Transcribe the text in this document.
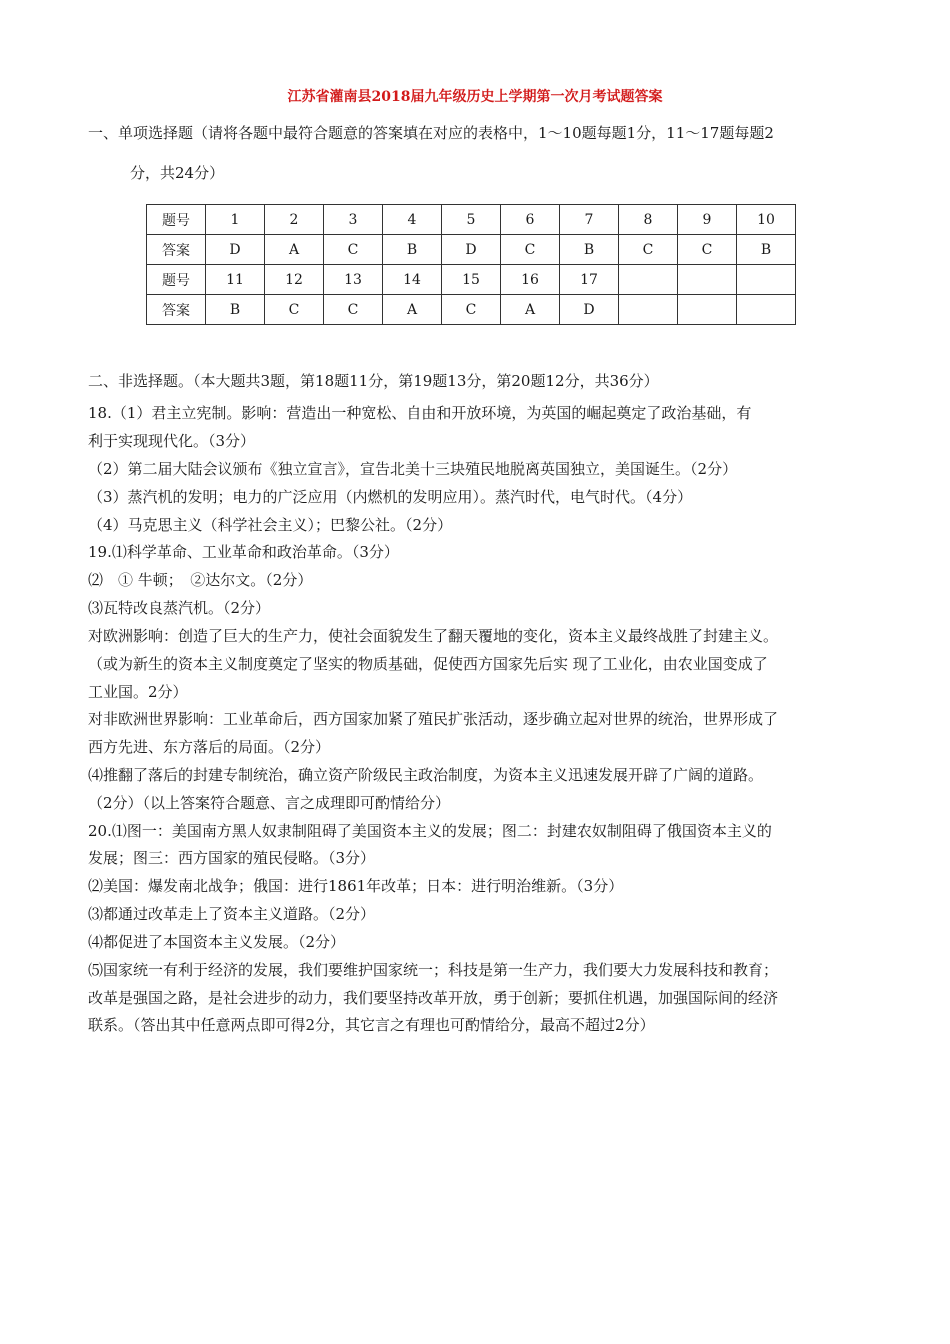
江苏省灌南县2018届九年级历史上学期第一次月考试题答案
一、单项选择题（请将各题中最符合题意的答案填在对应的表格中，1～10题每题1分，11～17题每题2
分，共24分）
题号	1	2	3	4	5	6	7	8	9	10
答案	D	A	C	B	D	C	B	C	C	B
题号	11	12	13	14	15	16	17			
答案	B	C	C	A	C	A	D			
二、非选择题。（本大题共3题，第18题11分，第19题13分，第20题12分，共36分）
18.（1）君主立宪制。影响：营造出一种宽松、自由和开放环境，为英国的崛起奠定了政治基础，有
利于实现现代化。（3分）
（2）第二届大陆会议颁布《独立宣言》，宣告北美十三块殖民地脱离英国独立，美国诞生。（2分）
（3）蒸汽机的发明；电力的广泛应用（内燃机的发明应用）。蒸汽时代，电气时代。（4分）
（4）马克思主义（科学社会主义）；巴黎公社。（2分）
19.⑴科学革命、工业革命和政治革命。（3分）
⑵　① 牛顿；　②达尔文。（2分）
⑶瓦特改良蒸汽机。（2分）
对欧洲影响：创造了巨大的生产力，使社会面貌发生了翻天覆地的变化，资本主义最终战胜了封建主义。
（或为新生的资本主义制度奠定了坚实的物质基础，促使西方国家先后实 现了工业化，由农业国变成了
工业国。2分）
对非欧洲世界影响：工业革命后，西方国家加紧了殖民扩张活动，逐步确立起对世界的统治，世界形成了
西方先进、东方落后的局面。（2分）
⑷推翻了落后的封建专制统治，确立资产阶级民主政治制度，为资本主义迅速发展开辟了广阔的道路。
（2分）（以上答案符合题意、言之成理即可酌情给分）
20.⑴图一：美国南方黑人奴隶制阻碍了美国资本主义的发展；图二：封建农奴制阻碍了俄国资本主义的
发展；图三：西方国家的殖民侵略。（3分）
⑵美国：爆发南北战争；俄国：进行1861年改革；日本：进行明治维新。（3分）
⑶都通过改革走上了资本主义道路。（2分）
⑷都促进了本国资本主义发展。（2分）
⑸国家统一有利于经济的发展，我们要维护国家统一；科技是第一生产力，我们要大力发展科技和教育；
改革是强国之路，是社会进步的动力，我们要坚持改革开放，勇于创新；要抓住机遇，加强国际间的经济
联系。（答出其中任意两点即可得2分，其它言之有理也可酌情给分，最高不超过2分）
